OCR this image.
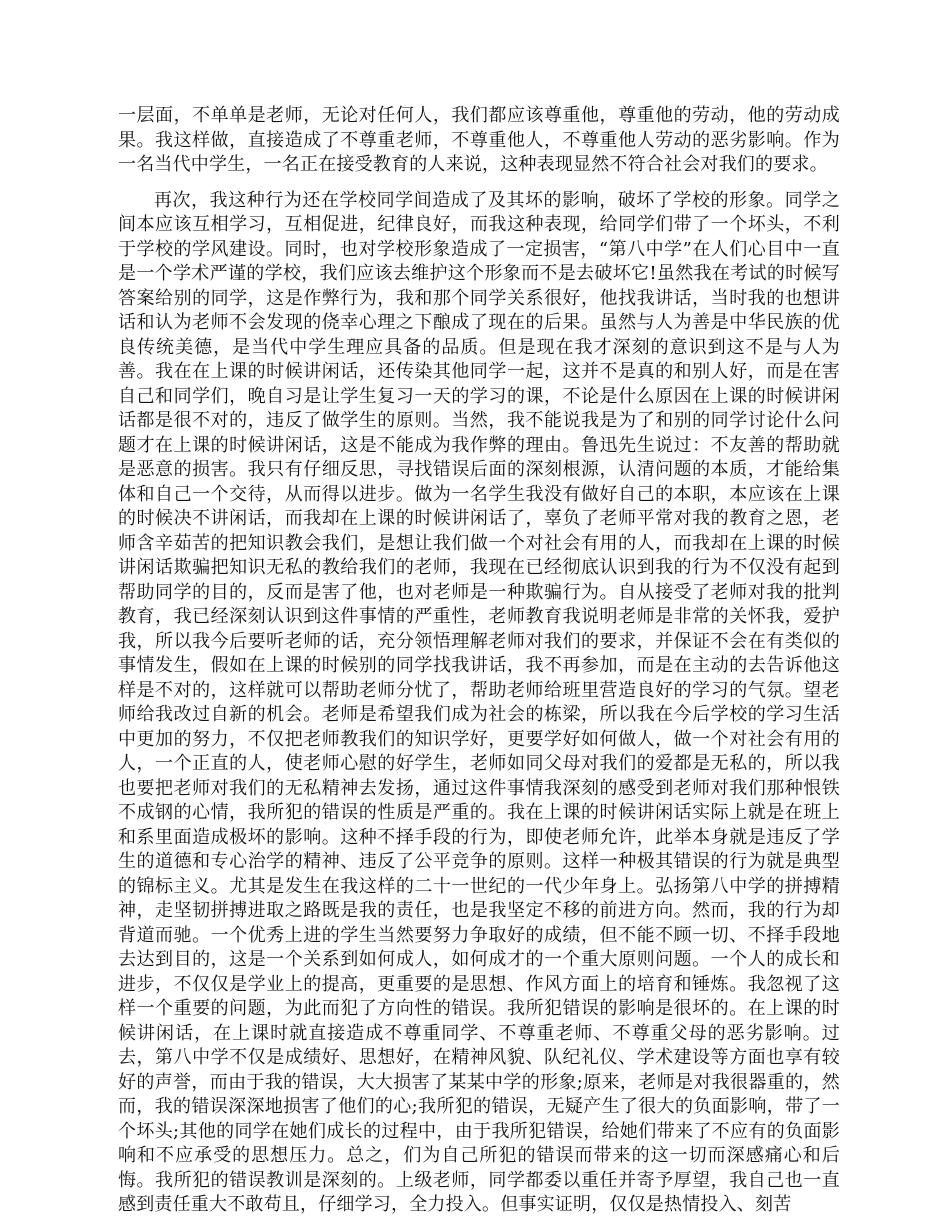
一层面，不单单是老师，无论对任何人，我们都应该尊重他，尊重他的劳动，他的劳动成果。我这样做，直接造成了不尊重老师，不尊重他人，不尊重他人劳动的恶劣影响。作为一名当代中学生，一名正在接受教育的人来说，这种表现显然不符合社会对我们的要求。

再次，我这种行为还在学校同学间造成了及其坏的影响，破坏了学校的形象。同学之间本应该互相学习，互相促进，纪律良好，而我这种表现，给同学们带了一个坏头，不利于学校的学风建设。同时，也对学校形象造成了一定损害，“第八中学”在人们心目中一直是一个学术严谨的学校，我们应该去维护这个形象而不是去破坏它!虽然我在考试的时候写答案给别的同学，这是作弊行为，我和那个同学关系很好，他找我讲话，当时我的也想讲话和认为老师不会发现的侥幸心理之下酿成了现在的后果。虽然与人为善是中华民族的优良传统美德，是当代中学生理应具备的品质。但是现在我才深刻的意识到这不是与人为善。我在在上课的时候讲闲话，还传染其他同学一起，这并不是真的和别人好，而是在害自己和同学们，晚自习是让学生复习一天的学习的课，不论是什么原因在上课的时候讲闲话都是很不对的，违反了做学生的原则。当然，我不能说我是为了和别的同学讨论什么问题才在上课的时候讲闲话，这是不能成为我作弊的理由。鲁迅先生说过：不友善的帮助就是恶意的损害。我只有仔细反思，寻找错误后面的深刻根源，认清问题的本质，才能给集体和自己一个交待，从而得以进步。做为一名学生我没有做好自己的本职，本应该在上课的时候决不讲闲话，而我却在上课的时候讲闲话了，辜负了老师平常对我的教育之恩，老师含辛茹苦的把知识教会我们，是想让我们做一个对社会有用的人，而我却在上课的时候讲闲话欺骗把知识无私的教给我们的老师，我现在已经彻底认识到我的行为不仅没有起到帮助同学的目的，反而是害了他，也对老师是一种欺骗行为。自从接受了老师对我的批判教育，我已经深刻认识到这件事情的严重性，老师教育我说明老师是非常的关怀我，爱护我，所以我今后要听老师的话，充分领悟理解老师对我们的要求，并保证不会在有类似的事情发生，假如在上课的时候别的同学找我讲话，我不再参加，而是在主动的去告诉他这样是不对的，这样就可以帮助老师分忧了，帮助老师给班里营造良好的学习的气氛。望老师给我改过自新的机会。老师是希望我们成为社会的栋梁，所以我在今后学校的学习生活中更加的努力，不仅把老师教我们的知识学好，更要学好如何做人，做一个对社会有用的人，一个正直的人，使老师心慰的好学生，老师如同父母对我们的爱都是无私的，所以我也要把老师对我们的无私精神去发扬，通过这件事情我深刻的感受到老师对我们那种恨铁不成钢的心情，我所犯的错误的性质是严重的。我在上课的时候讲闲话实际上就是在班上和系里面造成极坏的影响。这种不择手段的行为，即使老师允许，此举本身就是违反了学生的道德和专心治学的精神、违反了公平竞争的原则。这样一种极其错误的行为就是典型的锦标主义。尤其是发生在我这样的二十一世纪的一代少年身上。弘扬第八中学的拼搏精神，走坚韧拼搏进取之路既是我的责任，也是我坚定不移的前进方向。然而，我的行为却背道而驰。一个优秀上进的学生当然要努力争取好的成绩，但不能不顾一切、不择手段地去达到目的，这是一个关系到如何成人，如何成才的一个重大原则问题。一个人的成长和进步，不仅仅是学业上的提高，更重要的是思想、作风方面上的培育和锤炼。我忽视了这样一个重要的问题，为此而犯了方向性的错误。我所犯错误的影响是很坏的。在上课的时候讲闲话，在上课时就直接造成不尊重同学、不尊重老师、不尊重父母的恶劣影响。过去，第八中学不仅是成绩好、思想好，在精神风貌、队纪礼仪、学术建设等方面也享有较好的声誉，而由于我的错误，大大损害了某某中学的形象;原来，老师是对我很器重的，然而，我的错误深深地损害了他们的心;我所犯的错误，无疑产生了很大的负面影响，带了一个坏头;其他的同学在她们成长的过程中，由于我所犯错误，给她们带来了不应有的负面影响和不应承受的思想压力。总之，们为自己所犯的错误而带来的这一切而深感痛心和后悔。我所犯的错误教训是深刻的。上级老师，同学都委以重任并寄予厚望，我自己也一直感到责任重大不敢苟且，仔细学习，全力投入。但事实证明，仅仅是热情投入、刻苦
